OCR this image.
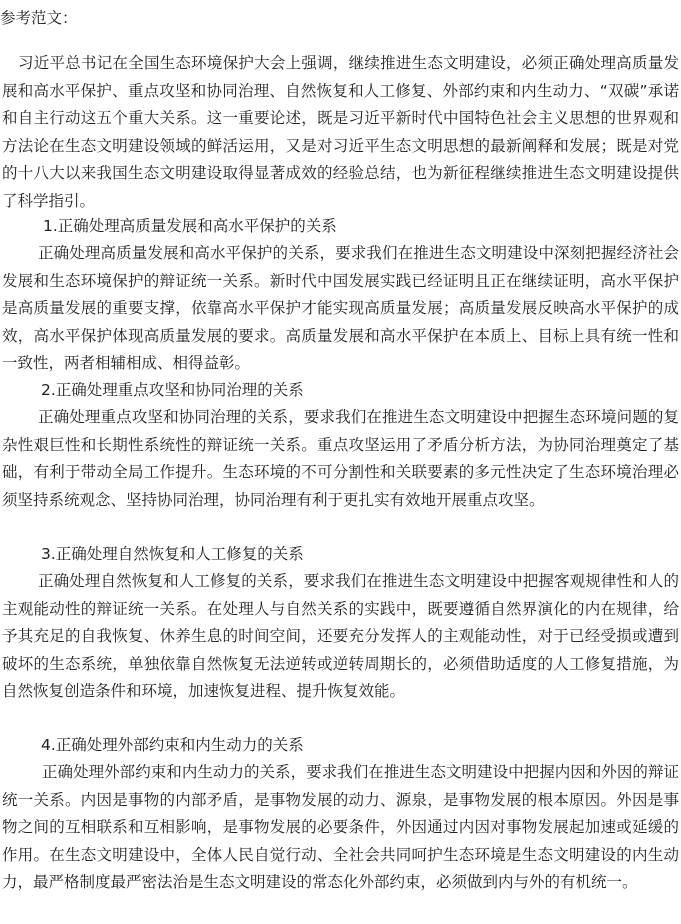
参考范文：

习近平总书记在全国生态环境保护大会上强调，继续推进生态文明建设，必须正确处理高质量发展和高水平保护、重点攻坚和协同治理、自然恢复和人工修复、外部约束和内生动力、“双碳”承诺和自主行动这五个重大关系。这一重要论述，既是习近平新时代中国特色社会主义思想的世界观和方法论在生态文明建设领域的鲜活运用，又是对习近平生态文明思想的最新阐释和发展；既是对党的十八大以来我国生态文明建设取得显著成效的经验总结，也为新征程继续推进生态文明建设提供了科学指引。

1.正确处理高质量发展和高水平保护的关系

正确处理高质量发展和高水平保护的关系，要求我们在推进生态文明建设中深刻把握经济社会发展和生态环境保护的辩证统一关系。新时代中国发展实践已经证明且正在继续证明，高水平保护是高质量发展的重要支撑，依靠高水平保护才能实现高质量发展；高质量发展反映高水平保护的成效，高水平保护体现高质量发展的要求。高质量发展和高水平保护在本质上、目标上具有统一性和一致性，两者相辅相成、相得益彰。

2.正确处理重点攻坚和协同治理的关系

正确处理重点攻坚和协同治理的关系，要求我们在推进生态文明建设中把握生态环境问题的复杂性艰巨性和长期性系统性的辩证统一关系。重点攻坚运用了矛盾分析方法，为协同治理奠定了基础，有利于带动全局工作提升。生态环境的不可分割性和关联要素的多元性决定了生态环境治理必须坚持系统观念、坚持协同治理，协同治理有利于更扎实有效地开展重点攻坚。

3.正确处理自然恢复和人工修复的关系

正确处理自然恢复和人工修复的关系，要求我们在推进生态文明建设中把握客观规律性和人的主观能动性的辩证统一关系。在处理人与自然关系的实践中，既要遵循自然界演化的内在规律，给予其充足的自我恢复、休养生息的时间空间，还要充分发挥人的主观能动性，对于已经受损或遭到破坏的生态系统，单独依靠自然恢复无法逆转或逆转周期长的，必须借助适度的人工修复措施，为自然恢复创造条件和环境，加速恢复进程、提升恢复效能。

4.正确处理外部约束和内生动力的关系

正确处理外部约束和内生动力的关系，要求我们在推进生态文明建设中把握内因和外因的辩证统一关系。内因是事物的内部矛盾，是事物发展的动力、源泉，是事物发展的根本原因。外因是事物之间的互相联系和互相影响，是事物发展的必要条件，外因通过内因对事物发展起加速或延缓的作用。在生态文明建设中，全体人民自觉行动、全社会共同呵护生态环境是生态文明建设的内生动力，最严格制度最严密法治是生态文明建设的常态化外部约束，必须做到内与外的有机统一。
